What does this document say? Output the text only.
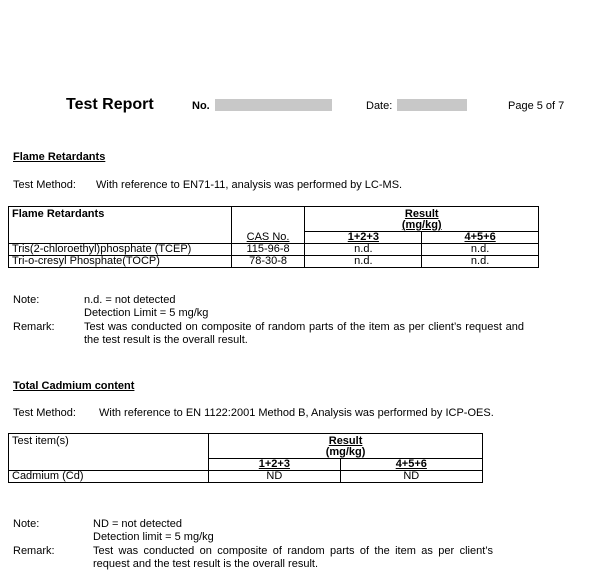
Test Report	No.	Date:	Page 5 of 7
Flame Retardants
Test Method: With reference to EN71-11, analysis was performed by LC-MS.
Flame Retardants		Result
(mg/kg)	
	CAS No.	1+2+3	4+5+6
Tris(2-chloroethyl)phosphate (TCEP)	115-96-8	n.d.	n.d.
Tri-o-cresyl Phosphate(TOCP)	78-30-8	n.d.	n.d.
Note:	n.d. = not detected
Detection Limit = 5 mg/kg
Remark:	Test was conducted on composite of random parts of the item as per client’s request and the test result is the overall result.
Total Cadmium content
Test Method: With reference to EN 1122:2001 Method B, Analysis was performed by ICP-OES.
Test item(s)	Result
(mg/kg)	
	1+2+3	4+5+6
Cadmium (Cd)	ND	ND
Note:	ND = not detected
Detection limit = 5 mg/kg
Remark:	Test was conducted on composite of random parts of the item as per client’s request and the test result is the overall result.
